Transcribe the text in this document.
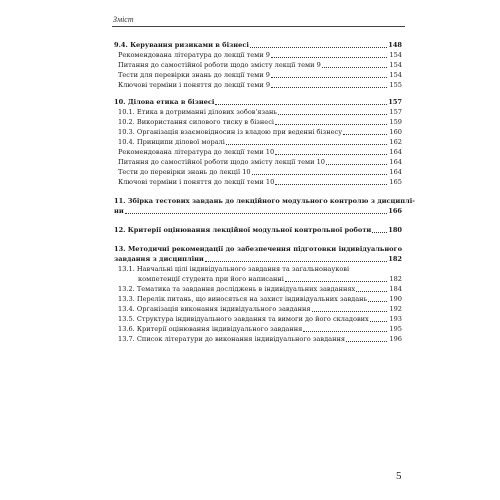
Зміст
9.4. Керування ризиками в бізнесі	148
Рекомендована література до лекції теми 9	154
Питання до самостійної роботи щодо змісту лекції теми 9	154
Тести для перевірки знань до лекції теми 9	154
Ключові терміни і поняття до лекції теми 9	155
10. Ділова етика в бізнесі	157
10.1. Етика в дотриманні ділових зобов'язань	157
10.2. Використання силового тиску в бізнесі	159
10.3. Організація взаємовідносин із владою при веденні бізнесу	160
10.4. Принципи ділової моралі	162
Рекомендована література до лекції теми 10	164
Питання до самостійної роботи щодо змісту лекції теми 10	164
Тести до перевірки знань до лекції 10	164
Ключові терміни і поняття до лекції теми 10	165
11. Збірка тестових завдань до лекційного модульного контролю з дисциплі-
ни	166
12. Критерії оцінювання лекційної модульної контрольної роботи	180
13. Методичні рекомендації до забезпечення підготовки індивідуального
завдання з дисципліни	182
13.1. Навчальні цілі індивідуального завдання та загальнонаукові
компетенції студента при його написанні	182
13.2. Тематика та завдання досліджень в індивідуальних завданнях	184
13.3. Перелік питань, що виносяться на захист індивідуальних завдань	190
13.4. Організація виконання індивідуального завдання	192
13.5. Структура індивідуального завдання та вимоги до його складових	193
13.6. Критерії оцінювання індивідуального завдання	195
13.7. Список літератури до виконання індивідуального завдання	196
5
